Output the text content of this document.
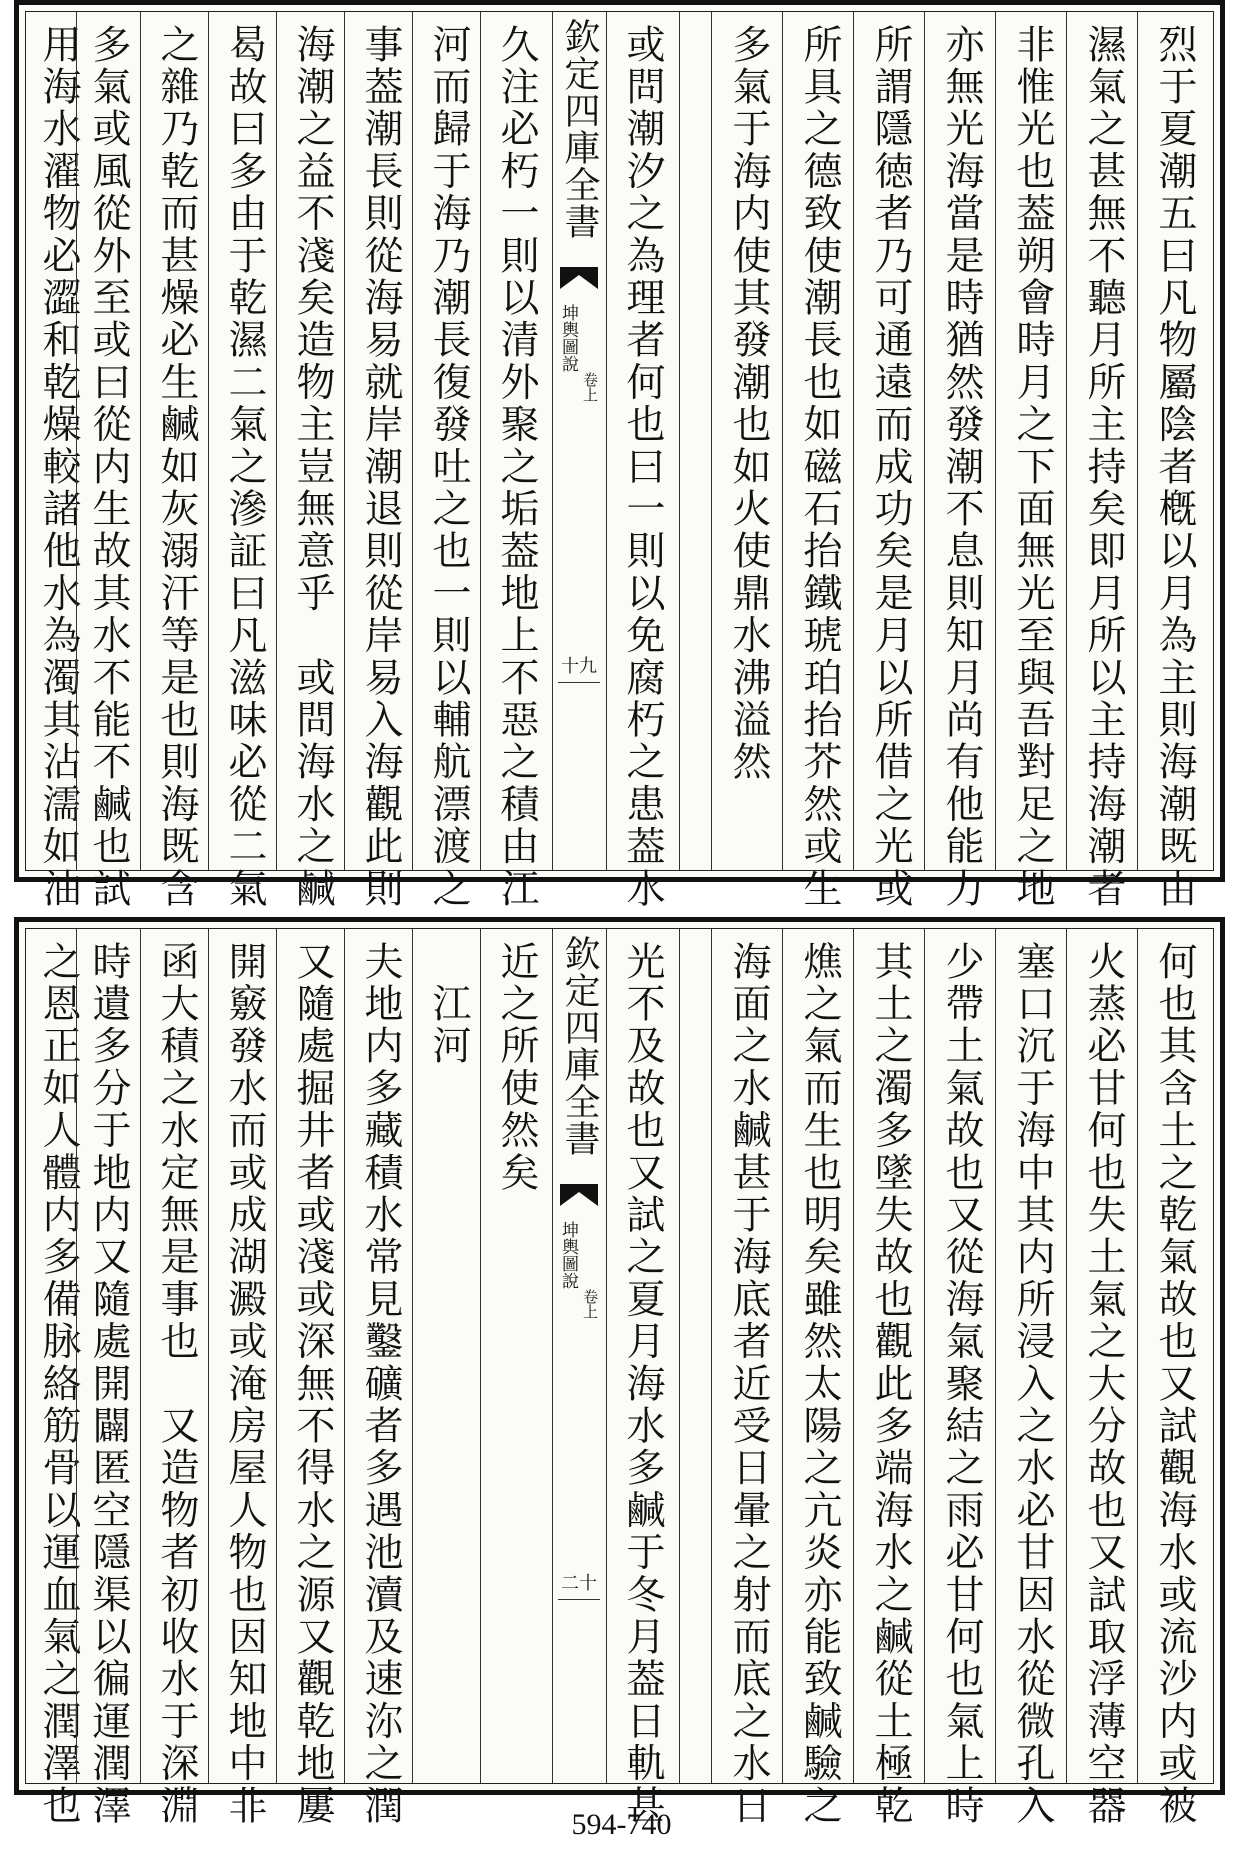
烈于夏潮五曰凡物屬陰者槪以月為主則海潮既由
濕氣之甚無不聽月所主持矣即月所以主持海潮者
非惟光也葢朔會時月之下面無光至與吾對足之地
亦無光海當是時猶然發潮不息則知月尚有他能力
所謂隱徳者乃可通遠而成功矣是月以所借之光或
所具之德致使潮長也如磁石抬鐵琥珀抬芥然或生
多氣于海内使其發潮也如火使鼎水沸溢然
或問潮汐之為理者何也曰一則以免腐朽之患葢水
欽定四庫全書
坤輿圖說
卷上
十九
久注必朽一則以清外聚之垢葢地上不惡之積由江
河而歸于海乃潮長復發吐之也一則以輔航漂渡之
事葢潮長則從海易就岸潮退則從岸易入海觀此則
海潮之益不淺矣造物主豈無意乎　或問海水之鹹
曷故曰多由于乾濕二氣之滲証曰凡滋味必從二氣
之雜乃乾而甚燥必生鹹如灰溺汗等是也則海既含
多氣或風從外至或曰從内生故其水不能不鹹也試
用海水濯物必澀和乾燥較諸他水為濁其沾濡如油
何也其含土之乾氣故也又試觀海水或流沙内或被
火蒸必甘何也失土氣之大分故也又試取浮薄空器
塞口沉于海中其内所浸入之水必甘因水從微孔入
少帶土氣故也又從海氣聚結之雨必甘何也氣上時
其土之濁多墜失故也觀此多端海水之鹹從土極乾
燋之氣而生也明矣雖然太陽之亢炎亦能致鹹驗之
海面之水鹹甚于海底者近受日暈之射而底之水日
光不及故也又試之夏月海水多鹹于冬月葢日軌甚
欽定四庫全書
坤輿圖說
卷上
二十
近之所使然矣
　江河
夫地内多藏積水常見鑿礦者多遇池瀆及速沵之潤
又隨處掘井者或淺或深無不得水之源又觀乾地屢
開竅發水而或成湖澱或淹房屋人物也因知地中非
函大積之水定無是事也　又造物者初收水于深淵
時遺多分于地内又隨處開闢匿空隱渠以徧運潤澤
之恩正如人體内多備脉絡筋骨以運血氣之潤澤也	594-740
